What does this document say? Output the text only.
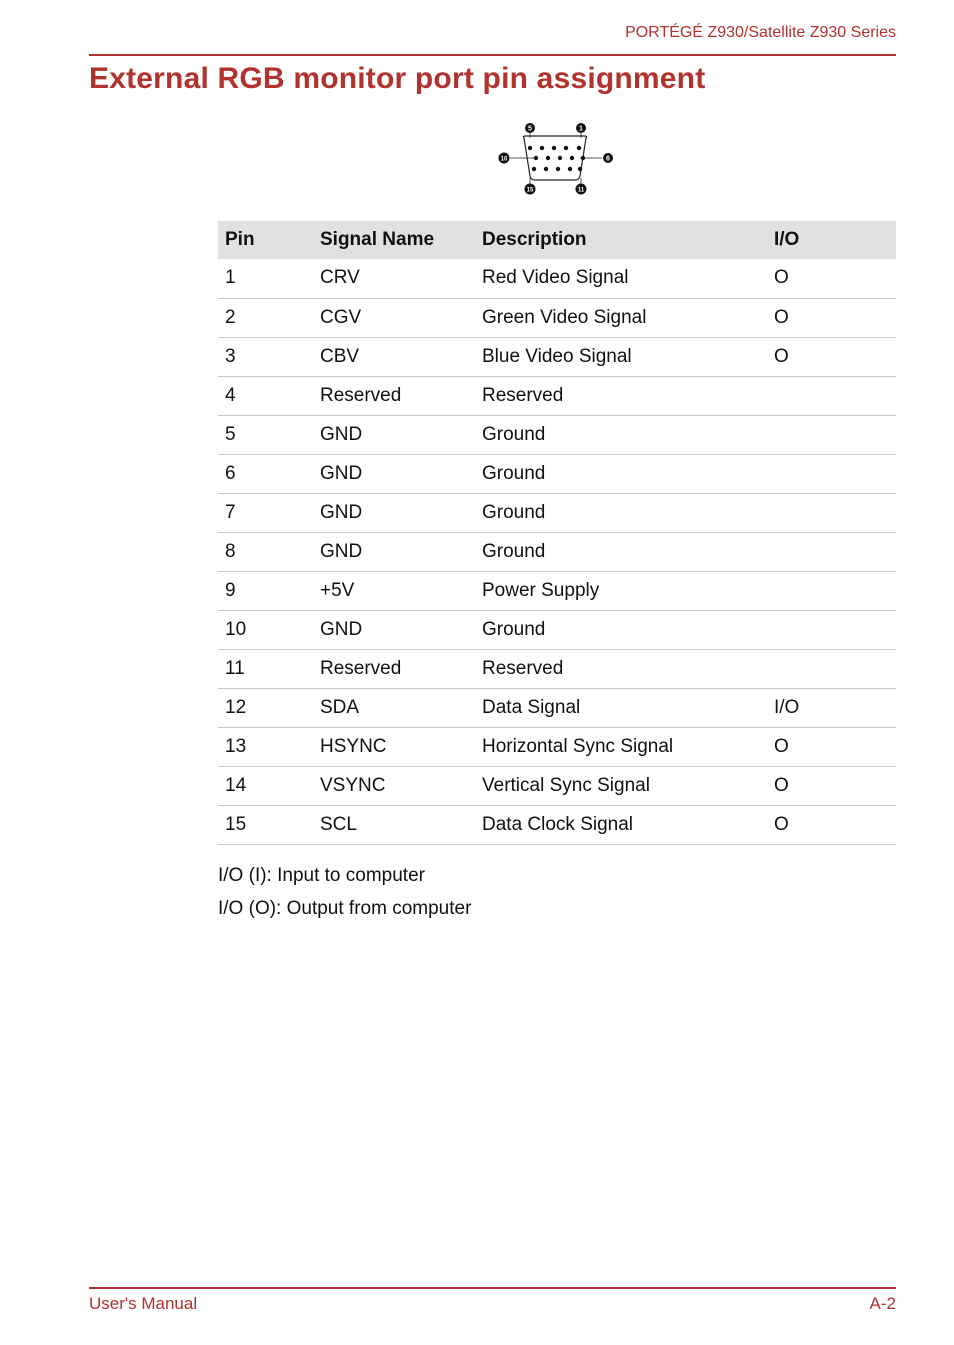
PORTÉGÉ Z930/Satellite Z930 Series
External RGB monitor port pin assignment
5	1
10	6
15	11
Pin	Signal Name	Description	I/O
1	CRV	Red Video Signal	O
2	CGV	Green Video Signal	O
3	CBV	Blue Video Signal	O
4	Reserved	Reserved	
5	GND	Ground	
6	GND	Ground	
7	GND	Ground	
8	GND	Ground	
9	+5V	Power Supply	
10	GND	Ground	
11	Reserved	Reserved	
12	SDA	Data Signal	I/O
13	HSYNC	Horizontal Sync Signal	O
14	VSYNC	Vertical Sync Signal	O
15	SCL	Data Clock Signal	O
I/O (I): Input to computer
I/O (O): Output from computer
User's Manual	A-2
